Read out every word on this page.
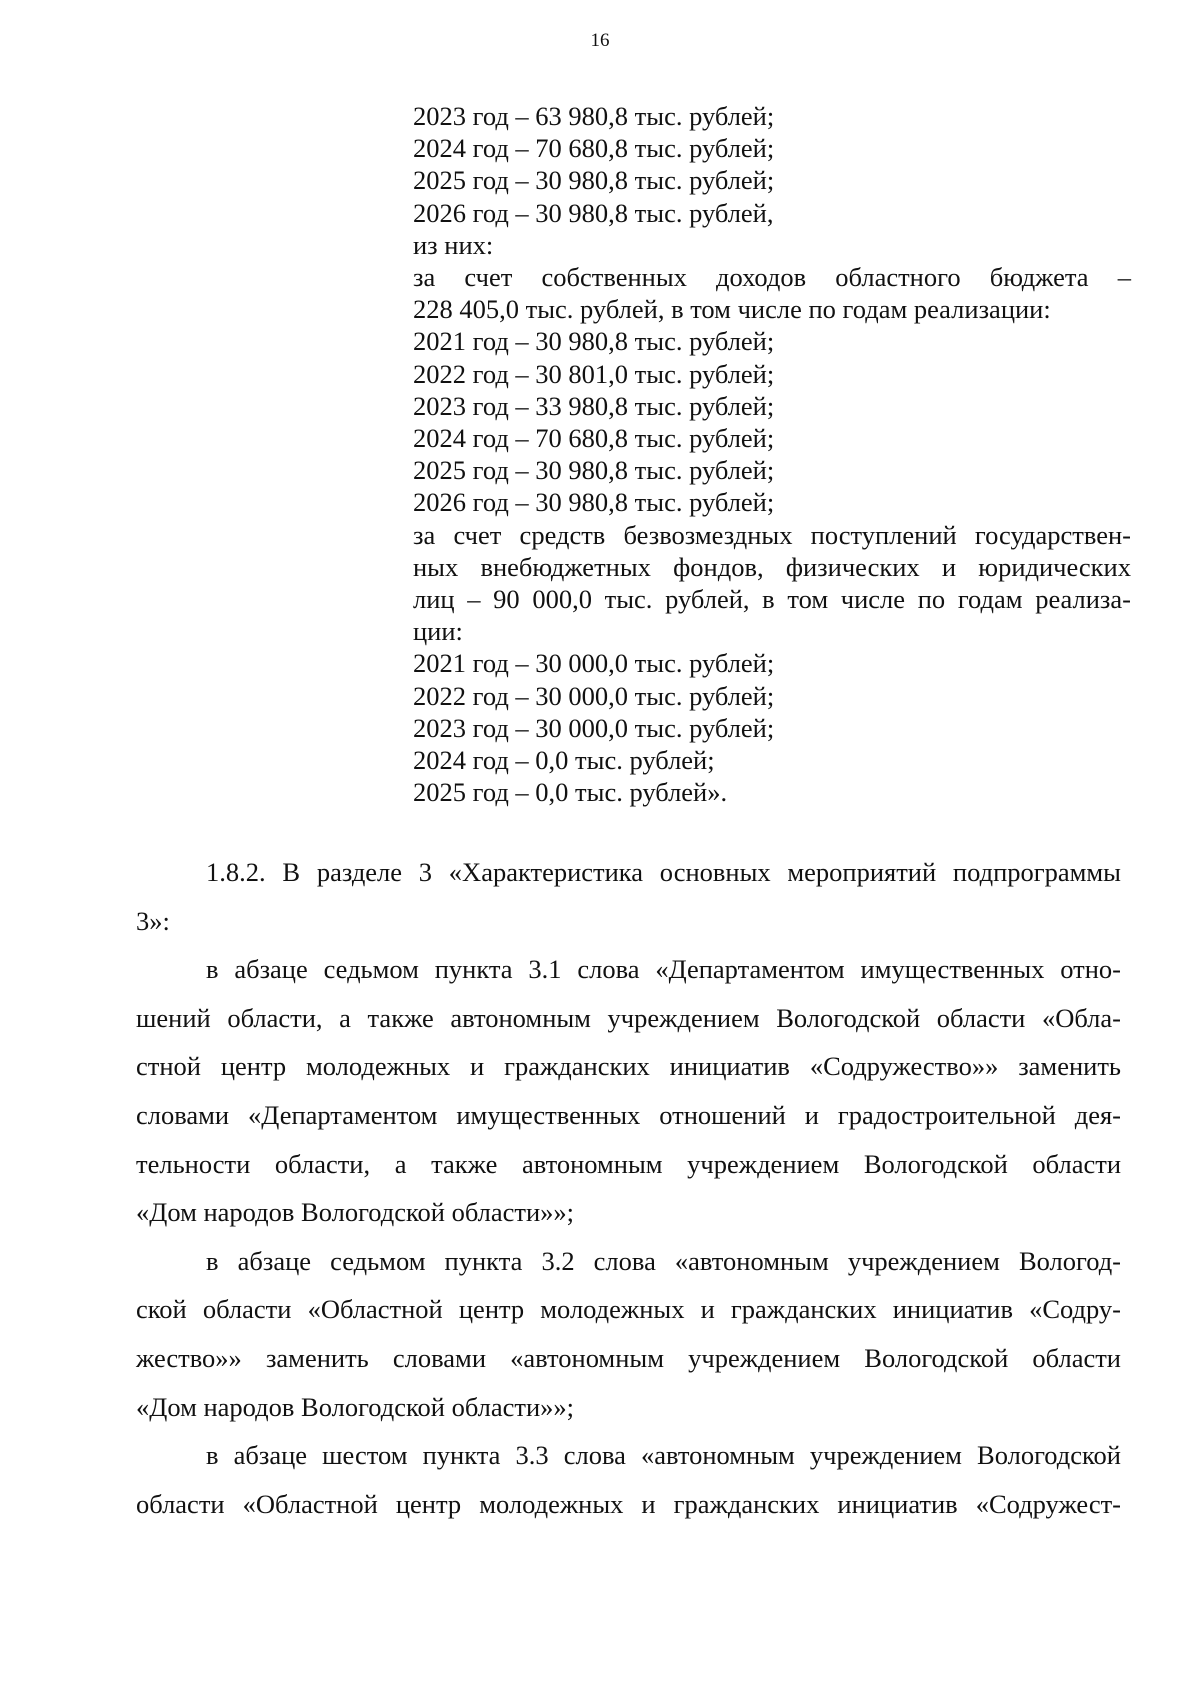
16
2023 год – 63 980,8 тыс. рублей;
2024 год – 70 680,8 тыс. рублей;
2025 год – 30 980,8 тыс. рублей;
2026 год – 30 980,8 тыс. рублей,
из них:
за счет собственных доходов областного бюджета –
228 405,0 тыс. рублей, в том числе по годам реализации:
2021 год – 30 980,8 тыс. рублей;
2022 год – 30 801,0 тыс. рублей;
2023 год – 33 980,8 тыс. рублей;
2024 год – 70 680,8 тыс. рублей;
2025 год – 30 980,8 тыс. рублей;
2026 год – 30 980,8 тыс. рублей;
за счет средств безвозмездных поступлений государствен-
ных внебюджетных фондов, физических и юридических
лиц – 90 000,0 тыс. рублей, в том числе по годам реализа-
ции:
2021 год – 30 000,0 тыс. рублей;
2022 год – 30 000,0 тыс. рублей;
2023 год – 30 000,0 тыс. рублей;
2024 год – 0,0 тыс. рублей;
2025 год – 0,0 тыс. рублей».
1.8.2. В разделе 3 «Характеристика основных мероприятий подпрограммы
3»:
в абзаце седьмом пункта 3.1 слова «Департаментом имущественных отно-
шений области, а также автономным учреждением Вологодской области «Обла-
стной центр молодежных и гражданских инициатив «Содружество»» заменить
словами «Департаментом имущественных отношений и градостроительной дея-
тельности области, а также автономным учреждением Вологодской области
«Дом народов Вологодской области»»;
в абзаце седьмом пункта 3.2 слова «автономным учреждением Вологод-
ской области «Областной центр молодежных и гражданских инициатив «Содру-
жество»» заменить словами «автономным учреждением Вологодской области
«Дом народов Вологодской области»»;
в абзаце шестом пункта 3.3 слова «автономным учреждением Вологодской
области «Областной центр молодежных и гражданских инициатив «Содружест-
